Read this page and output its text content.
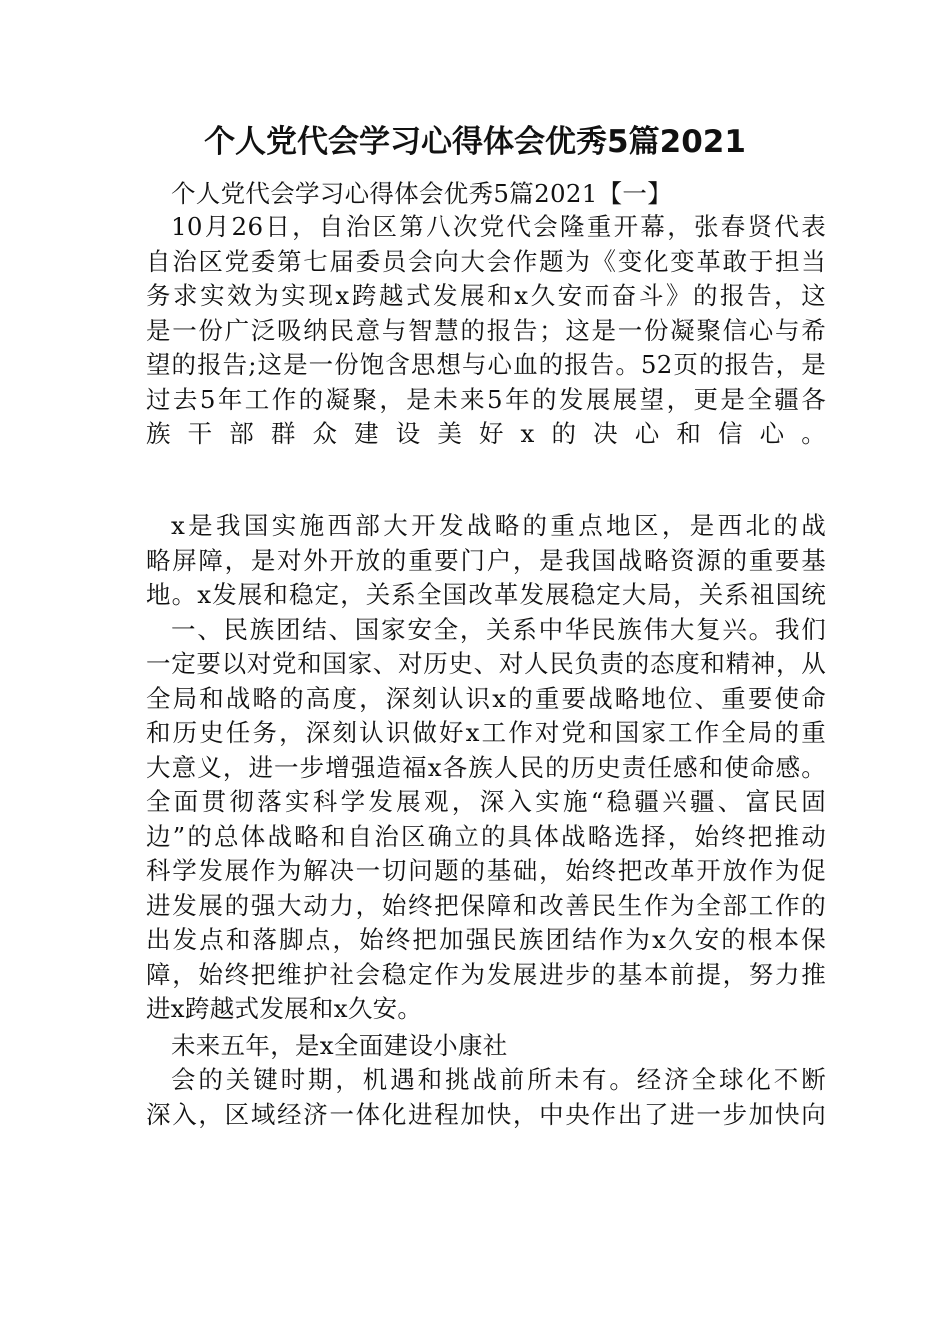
个人党代会学习心得体会优秀5篇2021
个人党代会学习心得体会优秀5篇2021【一】
10月26日，自治区第八次党代会隆重开幕，张春贤代表
自治区党委第七届委员会向大会作题为《变化变革敢于担当
务求实效为实现x跨越式发展和x久安而奋斗》的报告，这
是一份广泛吸纳民意与智慧的报告；这是一份凝聚信心与希
望的报告;这是一份饱含思想与心血的报告。52页的报告，是
过去5年工作的凝聚，是未来5年的发展展望，更是全疆各
族干部群众建设美好x的决心和信心。
x是我国实施西部大开发战略的重点地区，是西北的战
略屏障，是对外开放的重要门户，是我国战略资源的重要基
地。x发展和稳定，关系全国改革发展稳定大局，关系祖国统
一、民族团结、国家安全，关系中华民族伟大复兴。我们
一定要以对党和国家、对历史、对人民负责的态度和精神，从
全局和战略的高度，深刻认识x的重要战略地位、重要使命
和历史任务，深刻认识做好x工作对党和国家工作全局的重
大意义，进一步增强造福x各族人民的历史责任感和使命感。
全面贯彻落实科学发展观，深入实施“稳疆兴疆、富民固
边”的总体战略和自治区确立的具体战略选择，始终把推动
科学发展作为解决一切问题的基础，始终把改革开放作为促
进发展的强大动力，始终把保障和改善民生作为全部工作的
出发点和落脚点，始终把加强民族团结作为x久安的根本保
障，始终把维护社会稳定作为发展进步的基本前提，努力推
进x跨越式发展和x久安。
未来五年，是x全面建设小康社
会的关键时期，机遇和挑战前所未有。经济全球化不断
深入，区域经济一体化进程加快，中央作出了进一步加快向
